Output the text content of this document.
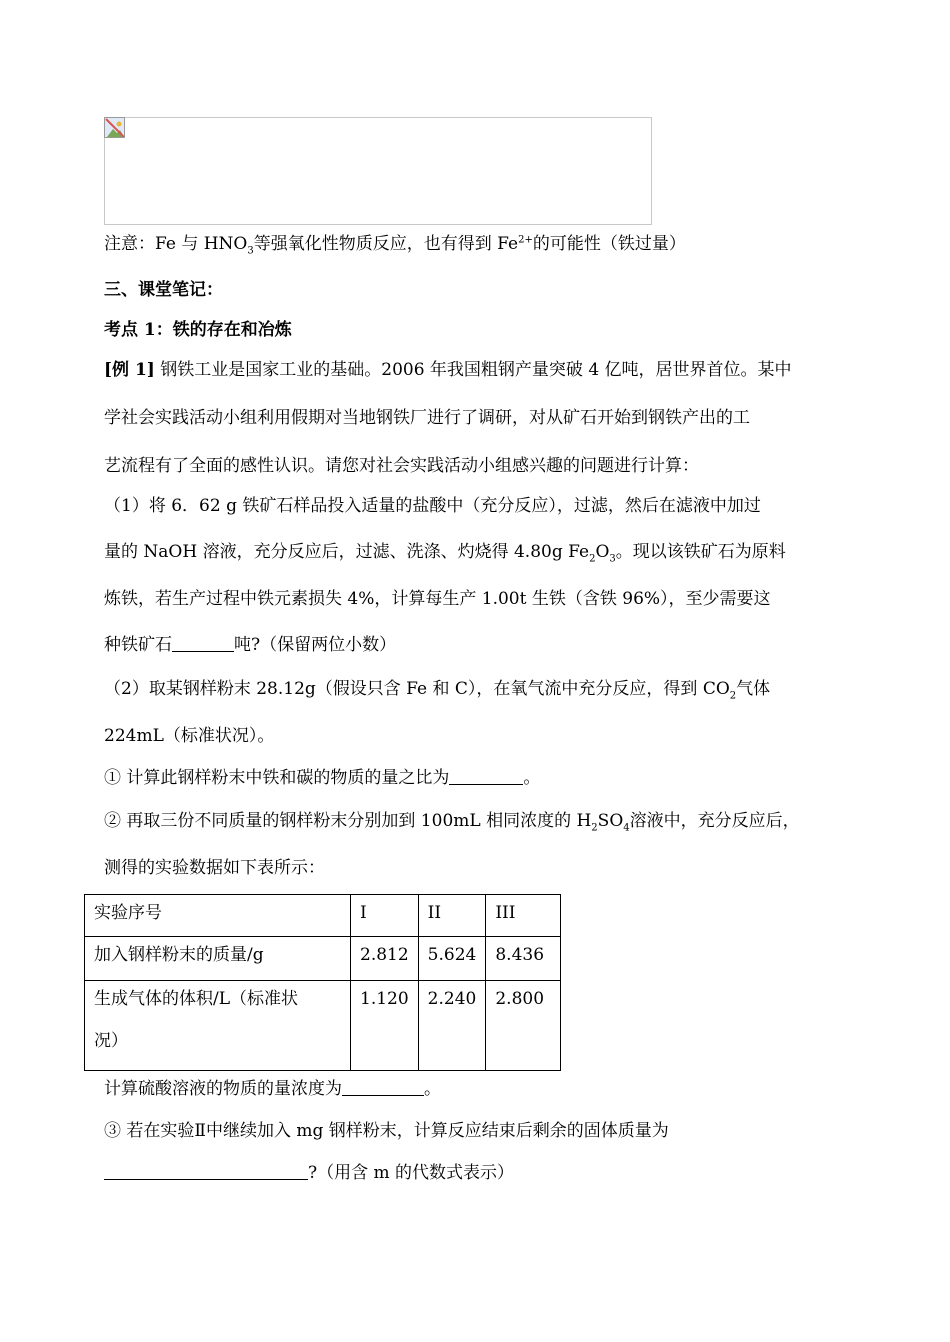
注意：Fe 与 $HNO_3$等强氧化性物质反应，也有得到 $Fe^{2+}$的可能性（铁过量）
三、课堂笔记：
考点 1：铁的存在和冶炼
[例 1] 钢铁工业是国家工业的基础。2006 年我国粗钢产量突破 4 亿吨，居世界首位。某中
学社会实践活动小组利用假期对当地钢铁厂进行了调研，对从矿石开始到钢铁产出的工
艺流程有了全面的感性认识。请您对社会实践活动小组感兴趣的问题进行计算：
（1）将 6．62 g 铁矿石样品投入适量的盐酸中（充分反应），过滤，然后在滤液中加过
量的 NaOH 溶液，充分反应后，过滤、洗涤、灼烧得 4.80g $Fe_2O_3$。现以该铁矿石为原料
炼铁，若生产过程中铁元素损失 4%，计算每生产 1.00t 生铁（含铁 96%），至少需要这
种铁矿石	吨?（保留两位小数）
（2）取某钢样粉末 28.12g（假设只含 Fe 和 C），在氧气流中充分反应，得到 $CO_2$气体
224mL（标准状况）。
① 计算此钢样粉末中铁和碳的物质的量之比为	。
② 再取三份不同质量的钢样粉末分别加到 100mL 相同浓度的 $H_2SO_4$溶液中，充分反应后，
测得的实验数据如下表所示：
实验序号	I	II	III
加入钢样粉末的质量/g	2.812	5.624	8.436

生成气体的体积/L（标准状
况）	1.120	2.240	2.800
计算硫酸溶液的物质的量浓度为	。
③ 若在实验Ⅱ中继续加入 mg 钢样粉末，计算反应结束后剩余的固体质量为
?（用含 m 的代数式表示）
